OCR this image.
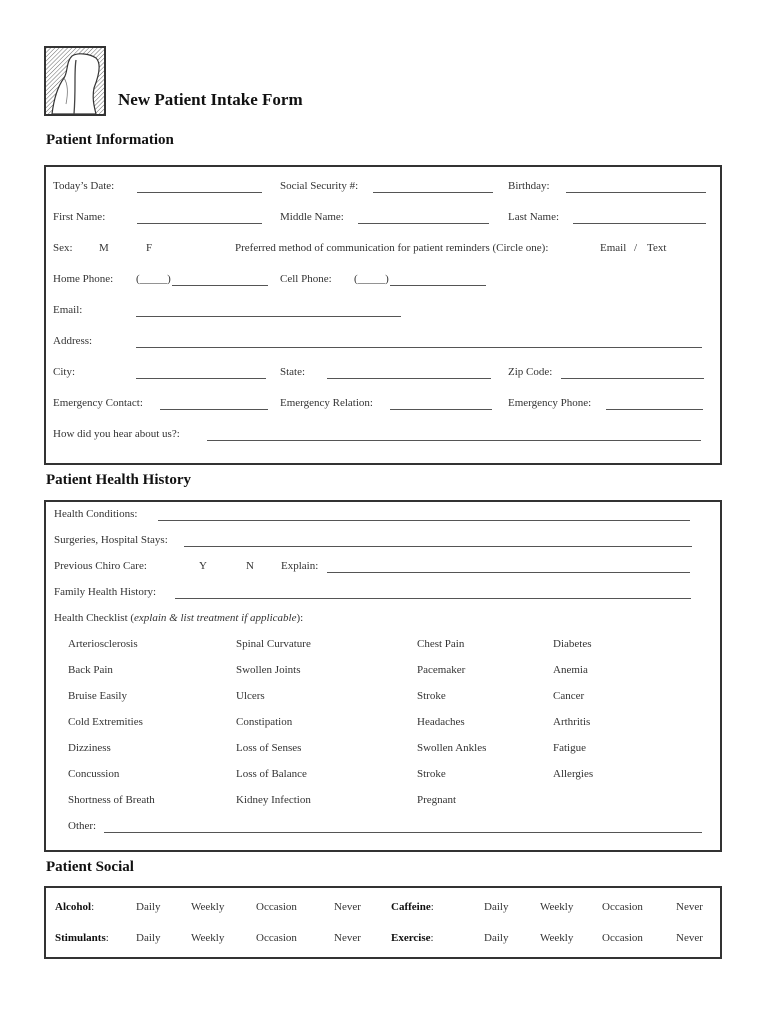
New Patient Intake Form
Patient Information
Today’s Date:	Social Security #:	Birthday:
First Name:	Middle Name:	Last Name:
Sex: M	F	Preferred method of communication for patient reminders (Circle one):	Email / Text
Home Phone: (_____)	Cell Phone: (_____)
Email:
Address:
City:	State:	Zip Code:
Emergency Contact:	Emergency Relation:	Emergency Phone:
How did you hear about us?:
Patient Health History
Health Conditions:
Surgeries, Hospital Stays:
Previous Chiro Care:	Y	N Explain:
Family Health History:
Health Checklist (explain & list treatment if applicable):
Arteriosclerosis	Spinal Curvature	Chest Pain	Diabetes
Back Pain	Swollen Joints	Pacemaker	Anemia
Bruise Easily	Ulcers	Stroke	Cancer
Cold Extremities	Constipation	Headaches	Arthritis
Dizziness	Loss of Senses	Swollen Ankles	Fatigue
Concussion	Loss of Balance	Stroke	Allergies
Shortness of Breath	Kidney Infection	Pregnant
Other:
Patient Social
Alcohol:	Daily	Weekly	Occasion	Never	Caffeine:	Daily	Weekly	Occasion	Never
Stimulants: Daily	Weekly	Occasion	Never	Exercise:	Daily	Weekly	Occasion	Never
